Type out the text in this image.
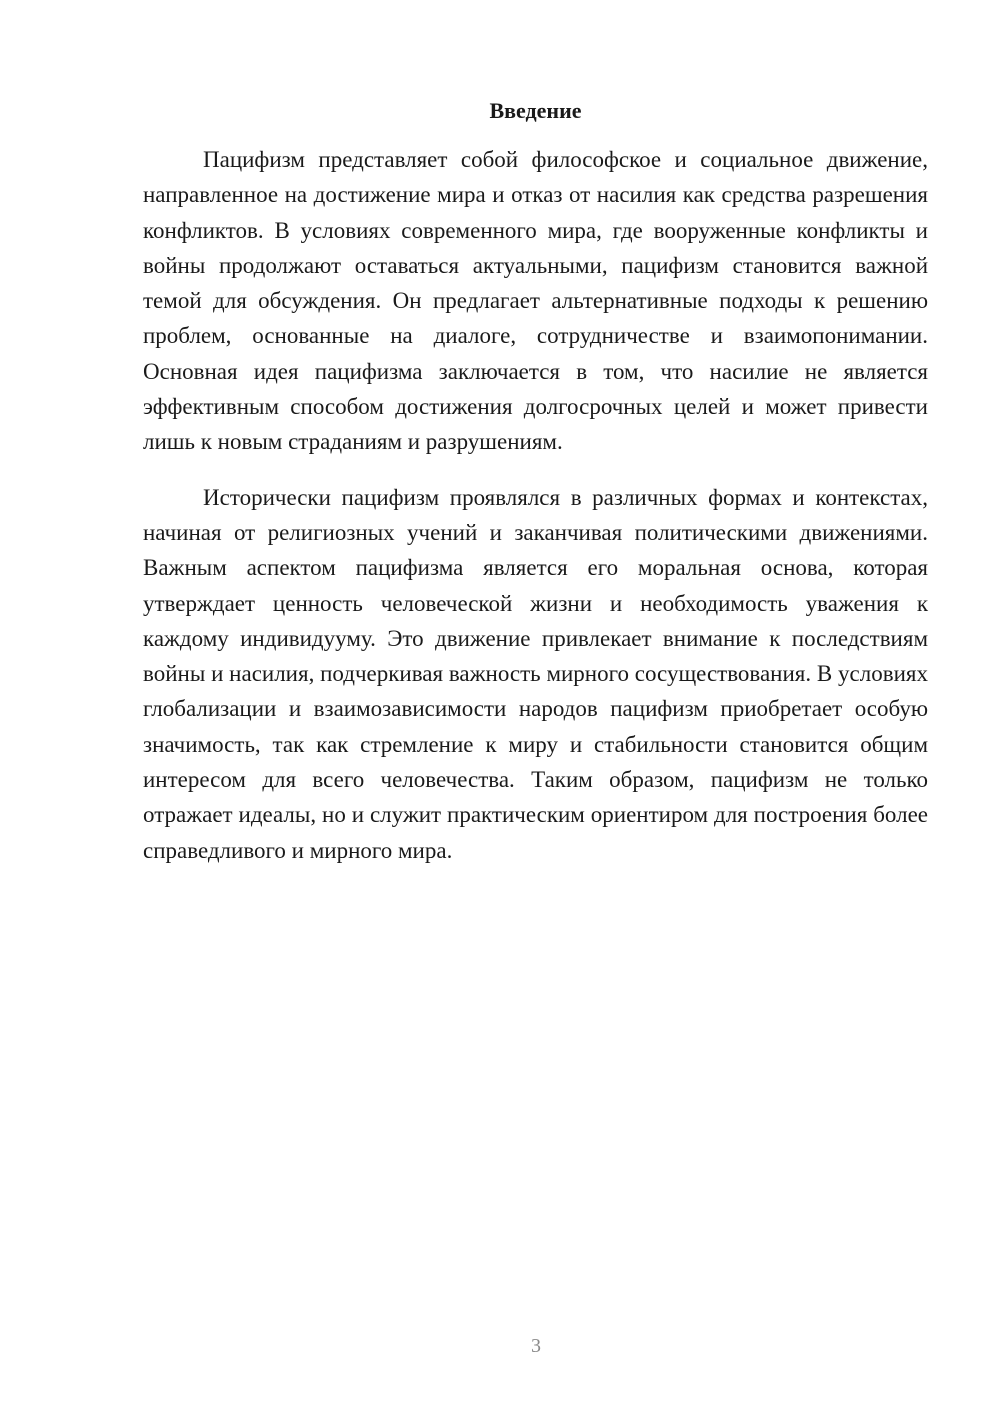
Введение

Пацифизм представляет собой философское и социальное движение, направленное на достижение мира и отказ от насилия как средства разрешения конфликтов. В условиях современного мира, где вооруженные конфликты и войны продолжают оставаться актуальными, пацифизм становится важной темой для обсуждения. Он предлагает альтернативные подходы к решению проблем, основанные на диалоге, сотрудничестве и взаимопонимании. Основная идея пацифизма заключается в том, что насилие не является эффективным способом достижения долгосрочных целей и может привести лишь к новым страданиям и разрушениям.

Исторически пацифизм проявлялся в различных формах и контекстах, начиная от религиозных учений и заканчивая политическими движениями. Важным аспектом пацифизма является его моральная основа, которая утверждает ценность человеческой жизни и необходимость уважения к каждому индивидууму. Это движение привлекает внимание к последствиям войны и насилия, подчеркивая важность мирного сосуществования. В условиях глобализации и взаимозависимости народов пацифизм приобретает особую значимость, так как стремление к миру и стабильности становится общим интересом для всего человечества. Таким образом, пацифизм не только отражает идеалы, но и служит практическим ориентиром для построения более справедливого и мирного мира.

3
